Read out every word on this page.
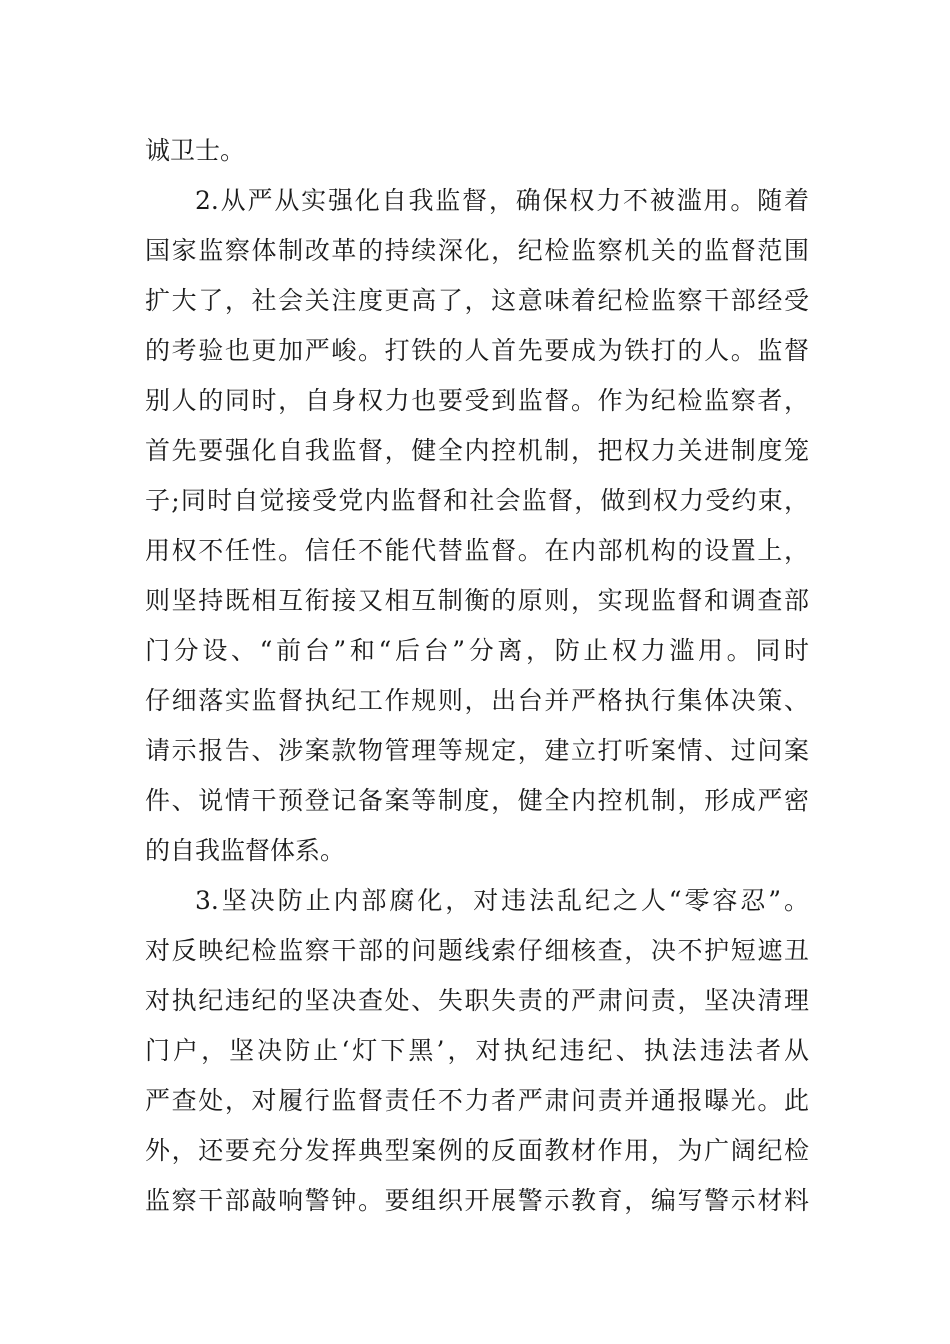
诚卫士。
2.从严从实强化自我监督，确保权力不被滥用。随着
国家监察体制改革的持续深化，纪检监察机关的监督范围
扩大了，社会关注度更高了，这意味着纪检监察干部经受
的考验也更加严峻。打铁的人首先要成为铁打的人。监督
别人的同时，自身权力也要受到监督。作为纪检监察者，
首先要强化自我监督，健全内控机制，把权力关进制度笼
子;同时自觉接受党内监督和社会监督，做到权力受约束，
用权不任性。信任不能代替监督。在内部机构的设置上，
则坚持既相互衔接又相互制衡的原则，实现监督和调查部
门分设、“前台”和“后台”分离，防止权力滥用。同时
仔细落实监督执纪工作规则，出台并严格执行集体决策、
请示报告、涉案款物管理等规定，建立打听案情、过问案
件、说情干预登记备案等制度，健全内控机制，形成严密
的自我监督体系。
3.坚决防止内部腐化，对违法乱纪之人“零容忍”。
对反映纪检监察干部的问题线索仔细核查，决不护短遮丑
对执纪违纪的坚决查处、失职失责的严肃问责，坚决清理
门户，坚决防止‘灯下黑’，对执纪违纪、执法违法者从
严查处，对履行监督责任不力者严肃问责并通报曝光。此
外，还要充分发挥典型案例的反面教材作用，为广阔纪检
监察干部敲响警钟。要组织开展警示教育，编写警示材料
